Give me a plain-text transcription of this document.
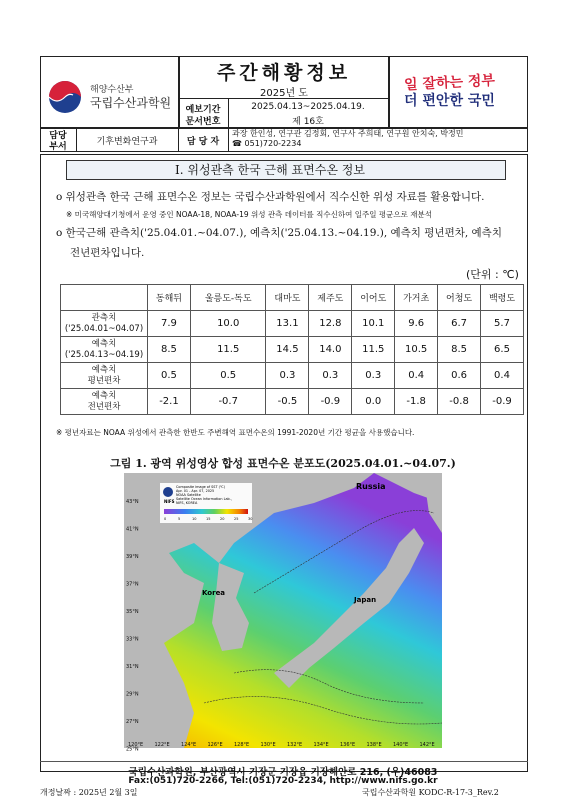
해양수산부
국립수산과학원
주간해황정보
2025년 도
예보기간
문서번호
2025.04.13~2025.04.19.
제 16호
일 잘하는 정부
더 편안한 국민
담당
부서	기후변화연구과	담 당 자
과장 한인성, 연구관 김정회, 연구사 주희태, 연구원 안치숙, 박정민
☎ 051)720-2234
I. 위성관측 한국 근해 표면수온 정보

o 위성관측 한국 근해 표면수온 정보는 국립수산과학원에서 직수신한 위성 자료를 활용합니다.

※ 미국해양대기청에서 운영 중인 NOAA-18, NOAA-19 위성 관측 데이터를 직수신하여 일주일 평균으로 재분석

o 한국근해 관측치('25.04.01.~04.07.), 예측치('25.04.13.~04.19.), 예측치 평년편차, 예측치

전년편차입니다.

(단위 : ℃)

	동해뒤	울릉도-독도	대마도	제주도	이어도	가거초	어청도	백령도

관측치
('25.04.01~04.07)	7.9	10.0	13.1	12.8	10.1	9.6	6.7	5.7

예측치
('25.04.13~04.19)	8.5	11.5	14.5	14.0	11.5	10.5	8.5	6.5

예측치
평년편차	0.5	0.5	0.3	0.3	0.3	0.4	0.6	0.4

예측치
전년편차	-2.1	-0.7	-0.5	-0.9	0.0	-1.8	-0.8	-0.9

※ 평년자료는 NOAA 위성에서 관측한 한반도 주변해역 표면수온의 1991-2020년 기간 평균을 사용했습니다.

그림 1. 광역 위성영상 합성 표면수온 분포도(2025.04.01.~04.07.)

NIFS
Composite image of SST (℃)
Apr. 01 - Apr. 07, 2025
NOAA Satellite
Satellite Ocean Information Lab.,
NIFS, KOREA
0	5	10	15	20	25	30
Russia
Korea
Japan
43°N
41°N
39°N
37°N
35°N
33°N
31°N
29°N
27°N
25°N
120°E 122°E 124°E 126°E 128°E 130°E 132°E 134°E 136°E 138°E 140°E 142°E
국립수산과학원, 부산광역시 기장군 기장읍 기장해안로 216, (우)46083
Fax:(051)720-2266, Tel:(051)720-2234, http://www.nifs.go.kr
개정날짜 : 2025년 2월 3일	국립수산과학원 KODC-R-17-3_Rev.2
